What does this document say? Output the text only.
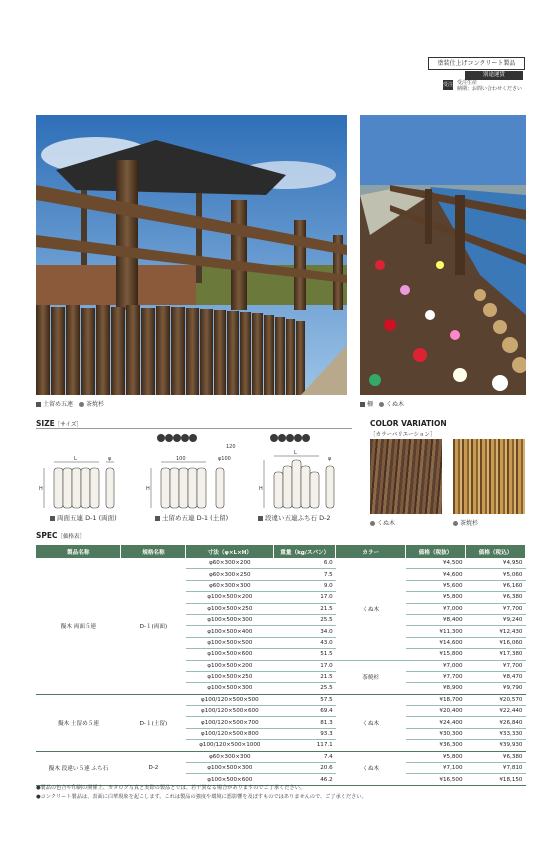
塗装仕上げコンクリート製品
別途運賃
受注 受注生産
納期：お問い合わせください
土留め五連 茶焼杉	柵 くぬ木
SIZE［サイズ］
L	φ
H
100
120
φ100
H
L
φ
H
両面五連 D-1 (両面)	土留め五連 D-1 (土留)	段違い五連ふち石 D-2
COLOR VARIATION
［カラーバリエーション］
くぬ木	茶焼杉
SPEC［価格表］
製品名称	規格名称	寸法（φ×L×H）	重量（kg/スパン）	カラー	価格（税抜）	価格（税込）
擬木 両面５連	D-１(両面)	φ60×300×200	6.0	くぬ木	¥4,500	¥4,950
		φ60×300×250	7.5		¥4,600	¥5,060
		φ60×300×300	9.0		¥5,600	¥6,160
		φ100×500×200	17.0		¥5,800	¥6,380
		φ100×500×250	21.5		¥7,000	¥7,700
		φ100×500×300	25.5		¥8,400	¥9,240
		φ100×500×400	34.0		¥11,300	¥12,430
		φ100×500×500	43.0		¥14,600	¥16,060
		φ100×500×600	51.5		¥15,800	¥17,380
		φ100×500×200	17.0	茶焼杉	¥7,000	¥7,700
		φ100×500×250	21.5		¥7,700	¥8,470
		φ100×500×300	25.5		¥8,900	¥9,790
擬木 土留め５連	D-１(土留)	φ100/120×500×500	57.5	くぬ木	¥18,700	¥20,570
		φ100/120×500×600	69.4		¥20,400	¥22,440
		φ100/120×500×700	81.3		¥24,400	¥26,840
		φ100/120×500×800	93.3		¥30,300	¥33,330
		φ100/120×500×1000	117.1		¥36,300	¥39,930
擬木 段違い５連 ふち石	D-2	φ60×300×300	7.4	くぬ木	¥5,800	¥6,380
		φ100×500×300	20.6		¥7,100	¥7,810
		φ100×500×600	46.2		¥16,500	¥18,150
●製品の色合や印刷の関係上、カタログ写真と実際の製品とでは、若干異なる場合がありますのでご了承ください。
●コンクリート製品は、表面に白華現象を起こします。これは製品の強度や環境に悪影響を及ぼすものではありませんので、ご了承ください。
